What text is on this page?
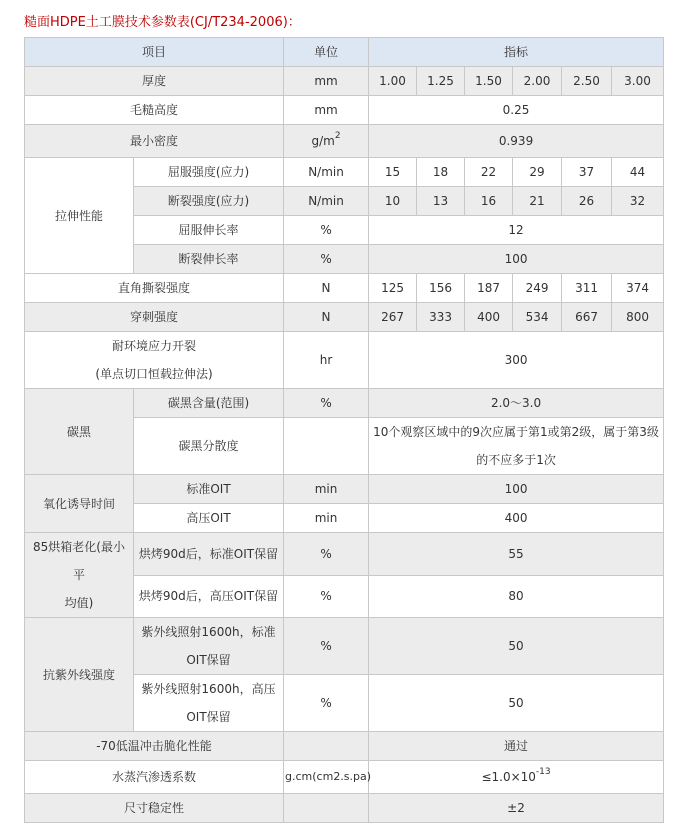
糙面HDPE土工膜技术参数表(CJ/T234-2006)：
项目		单位	指标					
厚度		mm	1.00	1.25	1.50	2.00	2.50	3.00
毛糙高度		mm	0.25					
最小密度		$g/m^2$	0.939					
拉伸性能	屈服强度(应力)	N/min	15	18	22	29	37	44
	断裂强度(应力)	N/min	10	13	16	21	26	32
	屈服伸长率	%	12					
	断裂伸长率	%	100					
直角撕裂强度		N	125	156	187	249	311	374
穿刺强度		N	267	333	400	534	667	800
耐环境应力开裂
(单点切口恒载拉伸法)		hr	300					
碳黑	碳黑含量(范围)	%	2.0～3.0					
	碳黑分散度		10个观察区域中的9次应属于第1或第2级，属于第3级
的不应多于1次					
氧化诱导时间	标准OIT	min	100					
	高压OIT	min	400					
85烘箱老化(最小平
均值)	烘烤90d后，标准OIT保留	%	55					
	烘烤90d后，高压OIT保留	%	80					
抗紫外线强度	紫外线照射1600h，标准
OIT保留	%	50					
	紫外线照射1600h，高压
OIT保留	%	50					
-70低温冲击脆化性能			通过					
水蒸汽渗透系数		g.cm(cm2.s.pa)	$\le 1.0\times 10^{-13}$
尺寸稳定性			±2					
